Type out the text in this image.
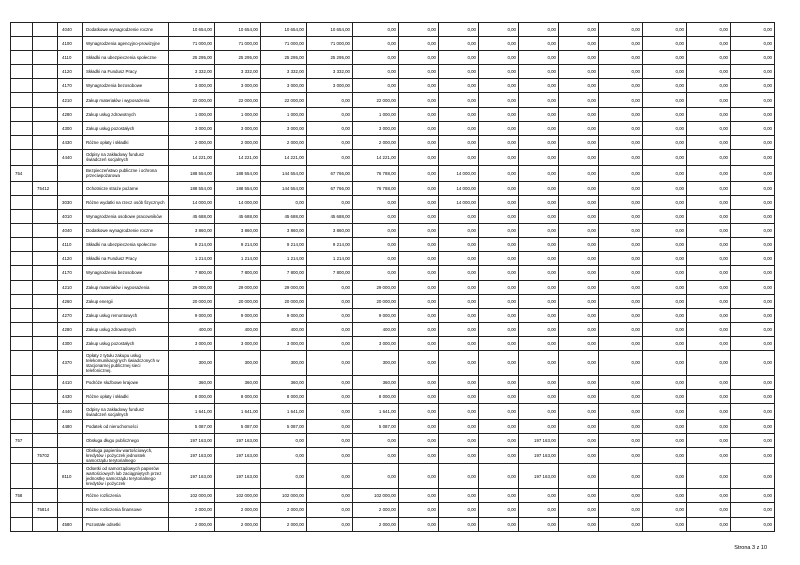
		4040	Dodatkowe wynagrodzenie roczne	10 654,00	10 654,00	10 654,00	10 654,00	0,00	0,00	0,00	0,00	0,00	0,00	0,00	0,00	0,00	0,00
		4100	Wynagrodzenia agencyjno-prowizyjne	71 000,00	71 000,00	71 000,00	71 000,00	0,00	0,00	0,00	0,00	0,00	0,00	0,00	0,00	0,00	0,00
		4110	Składki na ubezpieczenia społeczne	25 295,00	25 295,00	25 295,00	25 295,00	0,00	0,00	0,00	0,00	0,00	0,00	0,00	0,00	0,00	0,00
		4120	Składki na Fundusz Pracy	3 332,00	3 332,00	3 332,00	3 332,00	0,00	0,00	0,00	0,00	0,00	0,00	0,00	0,00	0,00	0,00
		4170	Wynagrodzenia bezosobowe	3 000,00	3 000,00	3 000,00	3 000,00	0,00	0,00	0,00	0,00	0,00	0,00	0,00	0,00	0,00	0,00
		4210	Zakup materiałów i wyposażenia	22 000,00	22 000,00	22 000,00	0,00	22 000,00	0,00	0,00	0,00	0,00	0,00	0,00	0,00	0,00	0,00
		4280	Zakup usług zdrowotnych	1 000,00	1 000,00	1 000,00	0,00	1 000,00	0,00	0,00	0,00	0,00	0,00	0,00	0,00	0,00	0,00
		4300	Zakup usług pozostałych	3 000,00	3 000,00	3 000,00	0,00	3 000,00	0,00	0,00	0,00	0,00	0,00	0,00	0,00	0,00	0,00
		4430	Różne opłaty i składki	2 000,00	2 000,00	2 000,00	0,00	2 000,00	0,00	0,00	0,00	0,00	0,00	0,00	0,00	0,00	0,00
		4440	Odpisy na zakładowy fundusz świadczeń socjalnych	14 221,00	14 221,00	14 221,00	0,00	14 221,00	0,00	0,00	0,00	0,00	0,00	0,00	0,00	0,00	0,00
754			Bezpieczeństwo publiczne i ochrona przeciwpożarowa	188 554,00	188 554,00	144 554,00	67 766,00	76 788,00	0,00	14 000,00	0,00	0,00	0,00	0,00	0,00	0,00	0,00
	75412		Ochotnicze straże pożarne	188 554,00	188 554,00	144 554,00	67 766,00	76 788,00	0,00	14 000,00	0,00	0,00	0,00	0,00	0,00	0,00	0,00
		3030	Różne wydatki na rzecz osób fizycznych	14 000,00	14 000,00	0,00	0,00	0,00	0,00	14 000,00	0,00	0,00	0,00	0,00	0,00	0,00	0,00
		4010	Wynagrodzenia osobowe pracowników	45 688,00	45 688,00	45 688,00	45 688,00	0,00	0,00	0,00	0,00	0,00	0,00	0,00	0,00	0,00	0,00
		4040	Dodatkowe wynagrodzenie roczne	3 860,00	3 860,00	3 860,00	3 860,00	0,00	0,00	0,00	0,00	0,00	0,00	0,00	0,00	0,00	0,00
		4110	Składki na ubezpieczenia społeczne	9 214,00	9 214,00	9 214,00	9 214,00	0,00	0,00	0,00	0,00	0,00	0,00	0,00	0,00	0,00	0,00
		4120	Składki na Fundusz Pracy	1 214,00	1 214,00	1 214,00	1 214,00	0,00	0,00	0,00	0,00	0,00	0,00	0,00	0,00	0,00	0,00
		4170	Wynagrodzenia bezosobowe	7 800,00	7 800,00	7 800,00	7 800,00	0,00	0,00	0,00	0,00	0,00	0,00	0,00	0,00	0,00	0,00
		4210	Zakup materiałów i wyposażenia	29 000,00	29 000,00	29 000,00	0,00	29 000,00	0,00	0,00	0,00	0,00	0,00	0,00	0,00	0,00	0,00
		4260	Zakup energii	20 000,00	20 000,00	20 000,00	0,00	20 000,00	0,00	0,00	0,00	0,00	0,00	0,00	0,00	0,00	0,00
		4270	Zakup usług remontowych	9 000,00	9 000,00	9 000,00	0,00	9 000,00	0,00	0,00	0,00	0,00	0,00	0,00	0,00	0,00	0,00
		4280	Zakup usług zdrowotnych	400,00	400,00	400,00	0,00	400,00	0,00	0,00	0,00	0,00	0,00	0,00	0,00	0,00	0,00
		4300	Zakup usług pozostałych	3 000,00	3 000,00	3 000,00	0,00	3 000,00	0,00	0,00	0,00	0,00	0,00	0,00	0,00	0,00	0,00
		4370	Opłaty z tytułu zakupu usług telekomunikacyjnych świadczonych w stacjonarnej publicznej sieci telefonicznej.	300,00	300,00	300,00	0,00	300,00	0,00	0,00	0,00	0,00	0,00	0,00	0,00	0,00	0,00
		4410	Podróże służbowe krajowe	360,00	360,00	360,00	0,00	360,00	0,00	0,00	0,00	0,00	0,00	0,00	0,00	0,00	0,00
		4430	Różne opłaty i składki	8 000,00	8 000,00	8 000,00	0,00	8 000,00	0,00	0,00	0,00	0,00	0,00	0,00	0,00	0,00	0,00
		4440	Odpisy na zakładowy fundusz świadczeń socjalnych	1 641,00	1 641,00	1 641,00	0,00	1 641,00	0,00	0,00	0,00	0,00	0,00	0,00	0,00	0,00	0,00
		4480	Podatek od nieruchomości	5 087,00	5 087,00	5 087,00	0,00	5 087,00	0,00	0,00	0,00	0,00	0,00	0,00	0,00	0,00	0,00
757			Obsługa długu publicznego	197 163,00	197 163,00	0,00	0,00	0,00	0,00	0,00	0,00	197 163,00	0,00	0,00	0,00	0,00	0,00
	75702		Obsługa papierów wartościowych, kredytów i pożyczek jednostek samorządu terytorialnego	197 163,00	197 163,00	0,00	0,00	0,00	0,00	0,00	0,00	197 163,00	0,00	0,00	0,00	0,00	0,00
		8110	Odsetki od samorządowych papierów wartościowych lub zaciągniętych przez jednostkę samorządu terytorialnego kredytów i pożyczek	197 163,00	197 163,00	0,00	0,00	0,00	0,00	0,00	0,00	197 163,00	0,00	0,00	0,00	0,00	0,00
758			Różne rozliczenia	102 000,00	102 000,00	102 000,00	0,00	102 000,00	0,00	0,00	0,00	0,00	0,00	0,00	0,00	0,00	0,00
	75814		Różne rozliczenia finansowe	2 000,00	2 000,00	2 000,00	0,00	2 000,00	0,00	0,00	0,00	0,00	0,00	0,00	0,00	0,00	0,00
		4580	Pozostałe odsetki	2 000,00	2 000,00	2 000,00	0,00	2 000,00	0,00	0,00	0,00	0,00	0,00	0,00	0,00	0,00	0,00
Strona 3 z 10
